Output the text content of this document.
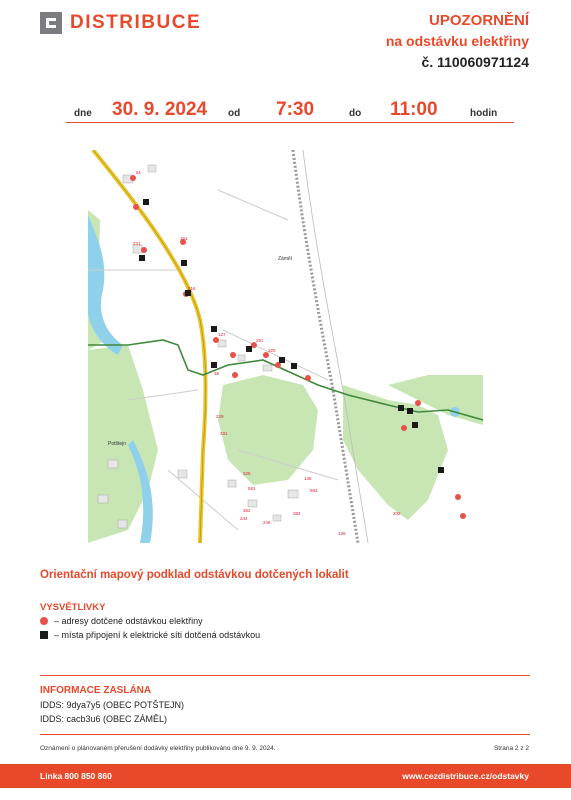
DISTRIBUCE	UPOZORNĚNÍ
na odstávku elektřiny
č. 110060971124
dne 30. 9. 2024 od 7:30	do 11:00	hodin
Záměl
Potštejn
61
151
231
216
127
291
320
38
229
331
244
352
245
581	583
135
202
136
382
325
Orientační mapový podklad odstávkou dotčených lokalit
VYSVĚTLIVKY
– adresy dotčené odstávkou elektřiny
– místa připojení k elektrické síti dotčená odstávkou
INFORMACE ZASLÁNA
IDDS: 9dya7y5 (OBEC POTŠTEJN)
IDDS: cacb3u6 (OBEC ZÁMĚL)
Oznámení o plánovaném přerušení dodávky elektřiny publikováno dne 9. 9. 2024.	Strana 2 z 2
Linka 800 850 860	www.cezdistribuce.cz/odstavky
